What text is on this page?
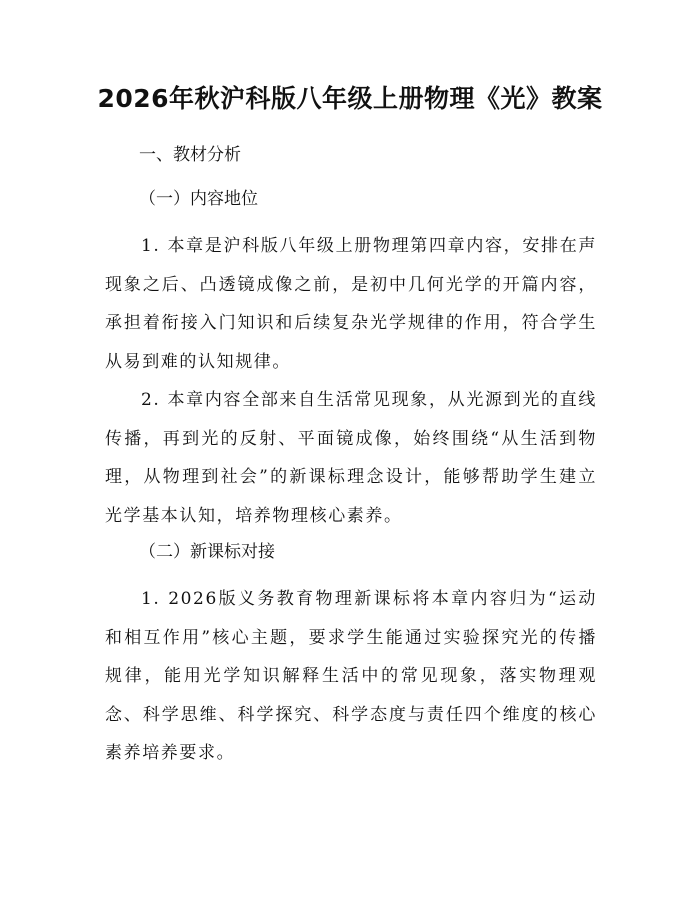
2026年秋沪科版八年级上册物理《光》教案

一、教材分析

（一）内容地位

1. 本章是沪科版八年级上册物理第四章内容，安排在声现象之后、凸透镜成像之前，是初中几何光学的开篇内容，承担着衔接入门知识和后续复杂光学规律的作用，符合学生从易到难的认知规律。

2. 本章内容全部来自生活常见现象，从光源到光的直线传播，再到光的反射、平面镜成像，始终围绕“从生活到物理，从物理到社会”的新课标理念设计，能够帮助学生建立光学基本认知，培养物理核心素养。

（二）新课标对接

1. 2026版义务教育物理新课标将本章内容归为“运动和相互作用”核心主题，要求学生能通过实验探究光的传播规律，能用光学知识解释生活中的常见现象，落实物理观念、科学思维、科学探究、科学态度与责任四个维度的核心素养培养要求。
